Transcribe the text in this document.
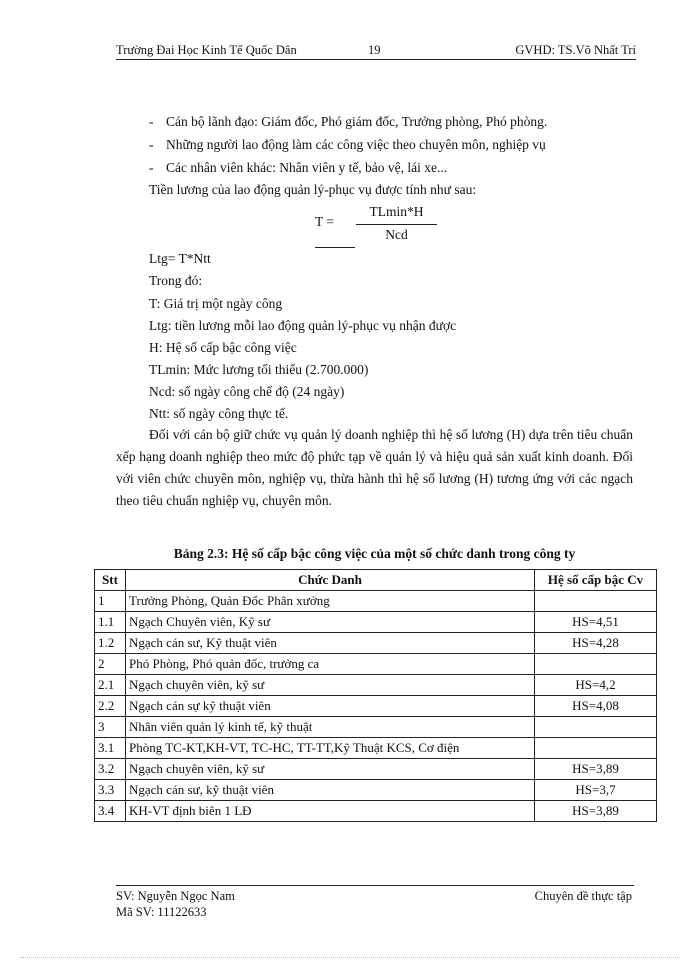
Trường Đai Học Kinh Tế Quốc Dân	19	GVHD: TS.Võ Nhất Trí
- Cán bộ lãnh đạo: Giám đốc, Phó giám đốc, Trưởng phòng, Phó phòng.
- Những người lao động làm các công việc theo chuyên môn, nghiệp vụ
- Các nhân viên khác: Nhân viên y tế, bảo vệ, lái xe...
Tiền lương của lao động quản lý-phục vụ được tính như sau:
T =
TLmin*H
Ncd
Ltg= T*Ntt
Trong đó:
T: Giá trị một ngày công
Ltg: tiền lương mỗi lao động quản lý-phục vụ nhận được
H: Hệ số cấp bậc công việc
TLmin: Mức lương tối thiểu (2.700.000)
Ncd: số ngày công chế độ (24 ngày)
Ntt: số ngày công thực tế.
Đối với cán bộ giữ chức vụ quản lý doanh nghiệp thì hệ số lương (H) dựa trên tiêu chuẩn xếp hạng doanh nghiệp theo mức độ phức tạp về quản lý và hiệu quả sản xuất kinh doanh. Đối với viên chức chuyên môn, nghiệp vụ, thừa hành thì hệ số lương (H) tương ứng với các ngạch theo tiêu chuẩn nghiệp vụ, chuyên môn.
Bảng 2.3: Hệ số cấp bậc công việc của một số chức danh trong công ty
Stt	Chức Danh	Hệ số cấp bậc Cv
1	Trưởng Phòng, Quản Đốc Phân xưởng	
1.1	Ngạch Chuyên viên, Kỹ sư	HS=4,51
1.2	Ngạch cán sư, Kỹ thuật viên	HS=4,28
2	Phó Phòng, Phó quản đốc, trưởng ca	
2.1	Ngạch chuyên viên, kỹ sư	HS=4,2
2.2	Ngạch cán sự kỹ thuật viên	HS=4,08
3	Nhân viên quản lý kinh tế, kỹ thuật	
3.1	Phòng TC-KT,KH-VT, TC-HC, TT-TT,Kỹ Thuật KCS, Cơ điện	
3.2	Ngạch chuyên viên, kỹ sư	HS=3,89
3.3	Ngạch cán sư, kỹ thuật viên	HS=3,7
3.4	KH-VT định biên 1 LĐ	HS=3,89
SV: Nguyễn Ngọc Nam
Mã SV: 11122633
Chuyên đề thực tập
